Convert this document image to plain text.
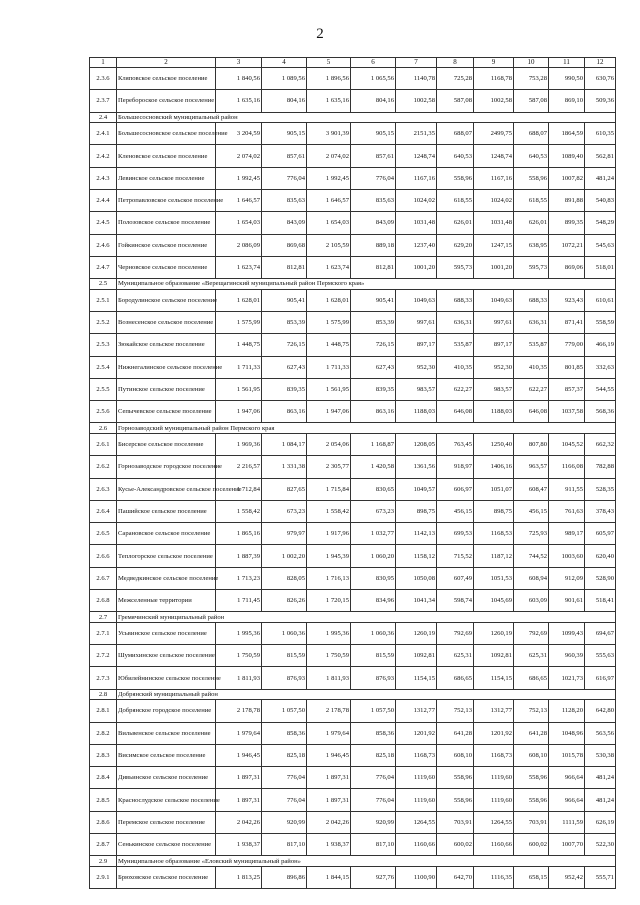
2
1	2	3	4	5	6	7	8	9	10	11	12
2.3.6	Кляповское сельское поселение	1 840,56	1 089,56	1 896,56	1 065,56	1140,78	725,28	1168,78	753,28	990,50	630,76
2.3.7	Перебороское сельское поселение	1 635,16	804,16	1 635,16	804,16	1002,58	587,08	1002,58	587,08	869,10	509,36
2.4	Большесосновский муниципальный район										
2.4.1	Большесосновское сельское поселение	3 204,59	905,15	3 901,39	905,15	2151,35	688,07	2499,75	688,07	1864,59	610,35
2.4.2	Кленовское сельское поселение	2 074,02	857,61	2 074,02	857,61	1248,74	640,53	1248,74	640,53	1089,40	562,81
2.4.3	Левинское сельское поселение	1 992,45	776,04	1 992,45	776,04	1167,16	558,96	1167,16	558,96	1007,82	481,24
2.4.4	Петропавловское сельское поселение	1 646,57	835,63	1 646,57	835,63	1024,02	618,55	1024,02	618,55	891,88	540,83
2.4.5	Полозовское сельское поселение	1 654,03	843,09	1 654,03	843,09	1031,48	626,01	1031,48	626,01	899,35	548,29
2.4.6	Гойкинское сельское поселение	2 086,09	869,68	2 105,59	889,18	1237,40	629,20	1247,15	638,95	1072,21	545,63
2.4.7	Черновское сельское поселение	1 623,74	812,81	1 623,74	812,81	1001,20	595,73	1001,20	595,73	869,06	518,01
2.5	Муниципальное образование «Верещагинский муниципальный район Пермского края»										
2.5.1	Бородулинское сельское поселение	1 628,01	905,41	1 628,01	905,41	1049,63	688,33	1049,63	688,33	923,43	610,61
2.5.2	Вознесенское сельское поселение	1 575,99	853,39	1 575,99	853,39	997,61	636,31	997,61	636,31	871,41	558,59
2.5.3	Зюкайское сельское поселение	1 448,75	726,15	1 448,75	726,15	897,17	535,87	897,17	535,87	779,00	466,19
2.5.4	Нижнегалинское сельское поселение	1 711,33	627,43	1 711,33	627,43	952,30	410,35	952,30	410,35	801,85	332,63
2.5.5	Путинское сельское поселение	1 561,95	839,35	1 561,95	839,35	983,57	622,27	983,57	622,27	857,37	544,55
2.5.6	Сепычевское сельское поселение	1 947,06	863,16	1 947,06	863,16	1188,03	646,08	1188,03	646,08	1037,58	568,36
2.6	Горнозаводский муниципальный район Пермского края										
2.6.1	Бисерское сельское поселение	1 969,36	1 084,17	2 054,06	1 168,87	1208,05	763,45	1250,40	807,80	1045,52	662,32
2.6.2	Горнозаводское городское поселение	2 216,57	1 331,38	2 305,77	1 420,58	1361,56	918,97	1406,16	963,57	1166,08	782,88
2.6.3	Кусье-Александровское сельское поселение	1 712,84	827,65	1 715,84	830,65	1049,57	606,97	1051,07	608,47	911,55	528,35
2.6.4	Пашийское сельское поселение	1 558,42	673,23	1 558,42	673,23	898,75	456,15	898,75	456,15	761,63	378,43
2.6.5	Сарановское сельское поселение	1 865,16	979,97	1 917,96	1 032,77	1142,13	699,53	1168,53	725,93	989,17	605,97
2.6.6	Теплогорское сельское поселение	1 887,39	1 002,20	1 945,39	1 060,20	1158,12	715,52	1187,12	744,52	1003,60	620,40
2.6.7	Медведкинское сельское поселение	1 713,23	828,05	1 716,13	830,95	1050,08	607,49	1051,53	608,94	912,09	528,90
2.6.8	Межселенные территории	1 711,45	826,26	1 720,15	834,96	1041,34	598,74	1045,69	603,09	901,61	518,41
2.7	Гремячинский муниципальный район										
2.7.1	Усьвинское сельское поселение	1 995,36	1 060,36	1 995,36	1 060,36	1260,19	792,69	1260,19	792,69	1099,43	694,67
2.7.2	Шумихинское сельское поселение	1 750,59	815,59	1 750,59	815,59	1092,81	625,31	1092,81	625,31	960,39	555,63
2.7.3	Юбилейнинское сельское поселение	1 811,93	876,93	1 811,93	876,93	1154,15	686,65	1154,15	686,65	1021,73	616,97
2.8	Добрянский муниципальный район										
2.8.1	Добрянское городское поселение	2 178,78	1 057,50	2 178,78	1 057,50	1312,77	752,13	1312,77	752,13	1128,20	642,80
2.8.2	Вильвенское сельское поселение	1 979,64	858,36	1 979,64	858,36	1201,92	641,28	1201,92	641,28	1048,96	563,56
2.8.3	Висимское сельское поселение	1 946,45	825,18	1 946,45	825,18	1168,73	608,10	1168,73	608,10	1015,78	530,38
2.8.4	Дивьинское сельское поселение	1 897,31	776,04	1 897,31	776,04	1119,60	558,96	1119,60	558,96	966,64	481,24
2.8.5	Краснослудское сельское поселение	1 897,31	776,04	1 897,31	776,04	1119,60	558,96	1119,60	558,96	966,64	481,24
2.8.6	Перемское сельское поселение	2 042,26	920,99	2 042,26	920,99	1264,55	703,91	1264,55	703,91	1111,59	626,19
2.8.7	Сенькинское сельское поселение	1 938,37	817,10	1 938,37	817,10	1160,66	600,02	1160,66	600,02	1007,70	522,30
2.9	Муниципальное образование «Еловский муниципальный район»										
2.9.1	Брюховское сельское поселение	1 813,25	896,86	1 844,15	927,76	1100,90	642,70	1116,35	658,15	952,42	555,71
